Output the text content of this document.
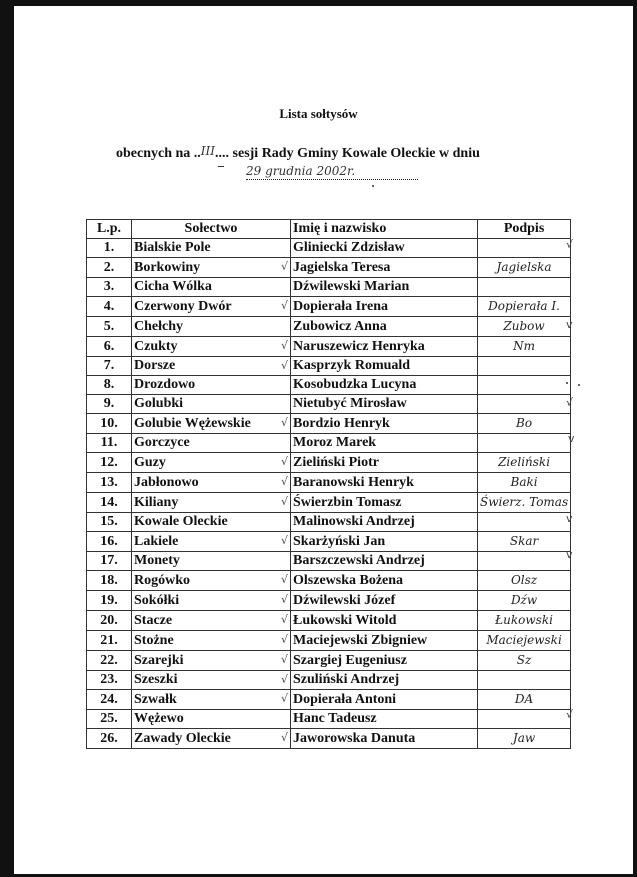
Lista sołtysów
obecnych na ..III.... sesji Rady Gminy Kowale Oleckie w dniu
29 grudnia 2002r.
L.p.	Sołectwo	Imię i nazwisko	Podpis
1.	Bialskie Pole	Gliniecki Zdzisław	
2.	Borkowiny √	Jagielska Teresa	Jagielska
3.	Cicha Wólka	Dźwilewski Marian	
4.	Czerwony Dwór √	Dopierała Irena	Dopierała I.
5.	Chełchy	Zubowicz Anna	Zubow
6.	Czukty √	Naruszewicz Henryka	Nm
7.	Dorsze √	Kasprzyk Romuald	
8.	Drozdowo	Kosobudzka Lucyna	
9.	Golubki	Nietubyć Mirosław	
10.	Golubie Wężewskie √	Bordzio Henryk	Bo
11.	Gorczyce	Moroz Marek	
12.	Guzy √	Zieliński Piotr	Zieliński
13.	Jabłonowo √	Baranowski Henryk	Baki
14.	Kiliany √	Świerzbin Tomasz	Świerz. Tomas
15.	Kowale Oleckie	Malinowski Andrzej	
16.	Lakiele √	Skarżyński Jan	Skar
17.	Monety	Barszczewski Andrzej	
18.	Rogówko √	Olszewska Bożena	Olsz
19.	Sokółki √	Dźwilewski Józef	Dźw
20.	Stacze √	Łukowski Witold	Łukowski
21.	Stożne √	Maciejewski Zbigniew	Maciejewski
22.	Szarejki √	Szargiej Eugeniusz	Sz
23.	Szeszki √	Szuliński Andrzej	
24.	Szwałk √	Dopierała Antoni	DA
25.	Wężewo	Hanc Tadeusz	
26.	Zawady Oleckie √	Jaworowska Danuta	Jaw
√
v
√
v
v
v
√
